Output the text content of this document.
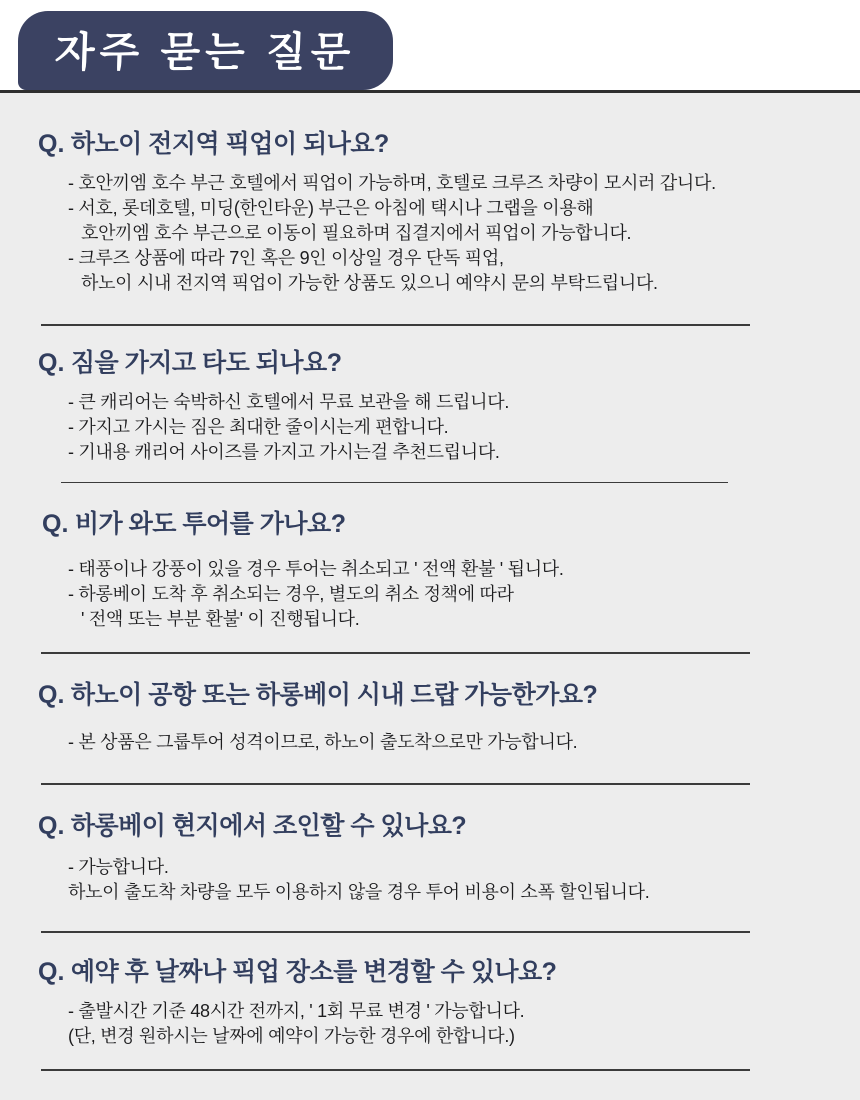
자주 묻는 질문
Q. 하노이 전지역 픽업이 되나요?

- 호안끼엠 호수 부근 호텔에서 픽업이 가능하며, 호텔로 크루즈 차량이 모시러 갑니다.

- 서호, 롯데호텔, 미딩(한인타운) 부근은 아침에 택시나 그랩을 이용해

호안끼엠 호수 부근으로 이동이 필요하며 집결지에서 픽업이 가능합니다.

- 크루즈 상품에 따라 7인 혹은 9인 이상일 경우 단독 픽업,

하노이 시내 전지역 픽업이 가능한 상품도 있으니 예약시 문의 부탁드립니다.

Q. 짐을 가지고 타도 되나요?

- 큰 캐리어는 숙박하신 호텔에서 무료 보관을 해 드립니다.

- 가지고 가시는 짐은 최대한 줄이시는게 편합니다.

- 기내용 캐리어 사이즈를 가지고 가시는걸 추천드립니다.

Q. 비가 와도 투어를 가나요?

- 태풍이나 강풍이 있을 경우 투어는 취소되고 ' 전액 환불 ' 됩니다.

- 하롱베이 도착 후 취소되는 경우, 별도의 취소 정책에 따라

' 전액 또는 부분 환불' 이 진행됩니다.

Q. 하노이 공항 또는 하롱베이 시내 드랍 가능한가요?

- 본 상품은 그룹투어 성격이므로, 하노이 출도착으로만 가능합니다.

Q. 하롱베이 현지에서 조인할 수 있나요?

- 가능합니다.

하노이 출도착 차량을 모두 이용하지 않을 경우 투어 비용이 소폭 할인됩니다.

Q. 예약 후 날짜나 픽업 장소를 변경할 수 있나요?

- 출발시간 기준 48시간 전까지, ' 1회 무료 변경 ' 가능합니다.

(단, 변경 원하시는 날짜에 예약이 가능한 경우에 한합니다.)
